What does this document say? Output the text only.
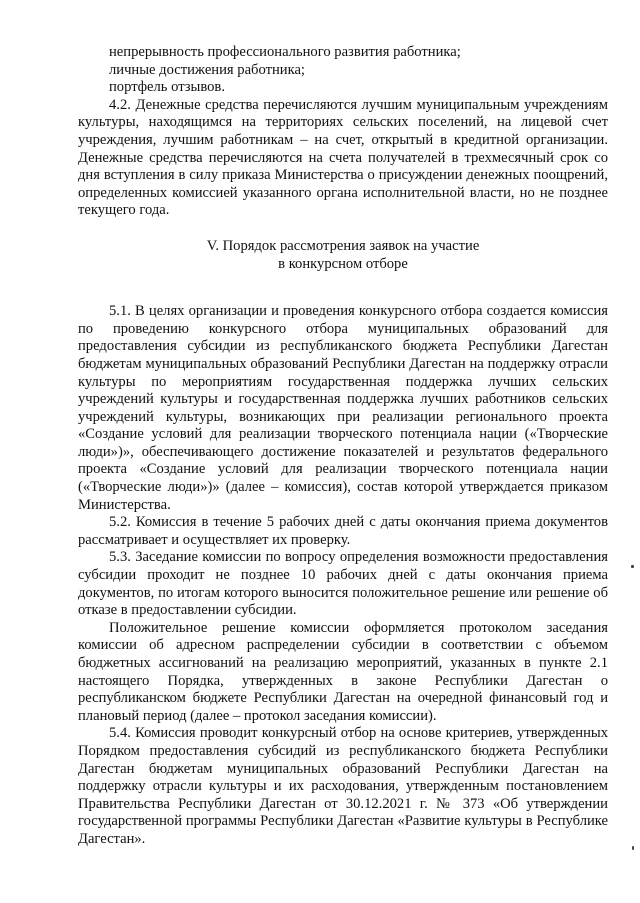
непрерывность профессионального развития работника;

личные достижения работника;

портфель отзывов.

4.2. Денежные средства перечисляются лучшим муниципальным учреждениям культуры, находящимся на территориях сельских поселений, на лицевой счет учреждения, лучшим работникам – на счет, открытый в кредитной организации. Денежные средства перечисляются на счета получателей в трехмесячный срок со дня вступления в силу приказа Министерства о присуждении денежных поощрений, определенных комиссией указанного органа исполнительной власти, но не позднее текущего года.

V. Порядок рассмотрения заявок на участие
в конкурсном отборе

5.1. В целях организации и проведения конкурсного отбора создается комиссия по проведению конкурсного отбора муниципальных образований для предоставления субсидии из республиканского бюджета Республики Дагестан бюджетам муниципальных образований Республики Дагестан на поддержку отрасли культуры по мероприятиям государственная поддержка лучших сельских учреждений культуры и государственная поддержка лучших работников сельских учреждений культуры, возникающих при реализации регионального проекта «Создание условий для реализации творческого потенциала нации («Творческие люди»)», обеспечивающего достижение показателей и результатов федерального проекта «Создание условий для реализации творческого потенциала нации («Творческие люди»)» (далее – комиссия), состав которой утверждается приказом Министерства.

5.2. Комиссия в течение 5 рабочих дней с даты окончания приема документов рассматривает и осуществляет их проверку.

5.3. Заседание комиссии по вопросу определения возможности предоставления субсидии проходит не позднее 10 рабочих дней с даты окончания приема документов, по итогам которого выносится положительное решение или решение об отказе в предоставлении субсидии.

Положительное решение комиссии оформляется протоколом заседания комиссии об адресном распределении субсидии в соответствии с объемом бюджетных ассигнований на реализацию мероприятий, указанных в пункте 2.1 настоящего Порядка, утвержденных в законе Республики Дагестан о республиканском бюджете Республики Дагестан на очередной финансовый год и плановый период (далее – протокол заседания комиссии).

5.4. Комиссия проводит конкурсный отбор на основе критериев, утвержденных Порядком предоставления субсидий из республиканского бюджета Республики Дагестан бюджетам муниципальных образований Республики Дагестан на поддержку отрасли культуры и их расходования, утвержденным постановлением Правительства Республики Дагестан от 30.12.2021 г. № 373 «Об утверждении государственной программы Республики Дагестан «Развитие культуры в Республике Дагестан».
